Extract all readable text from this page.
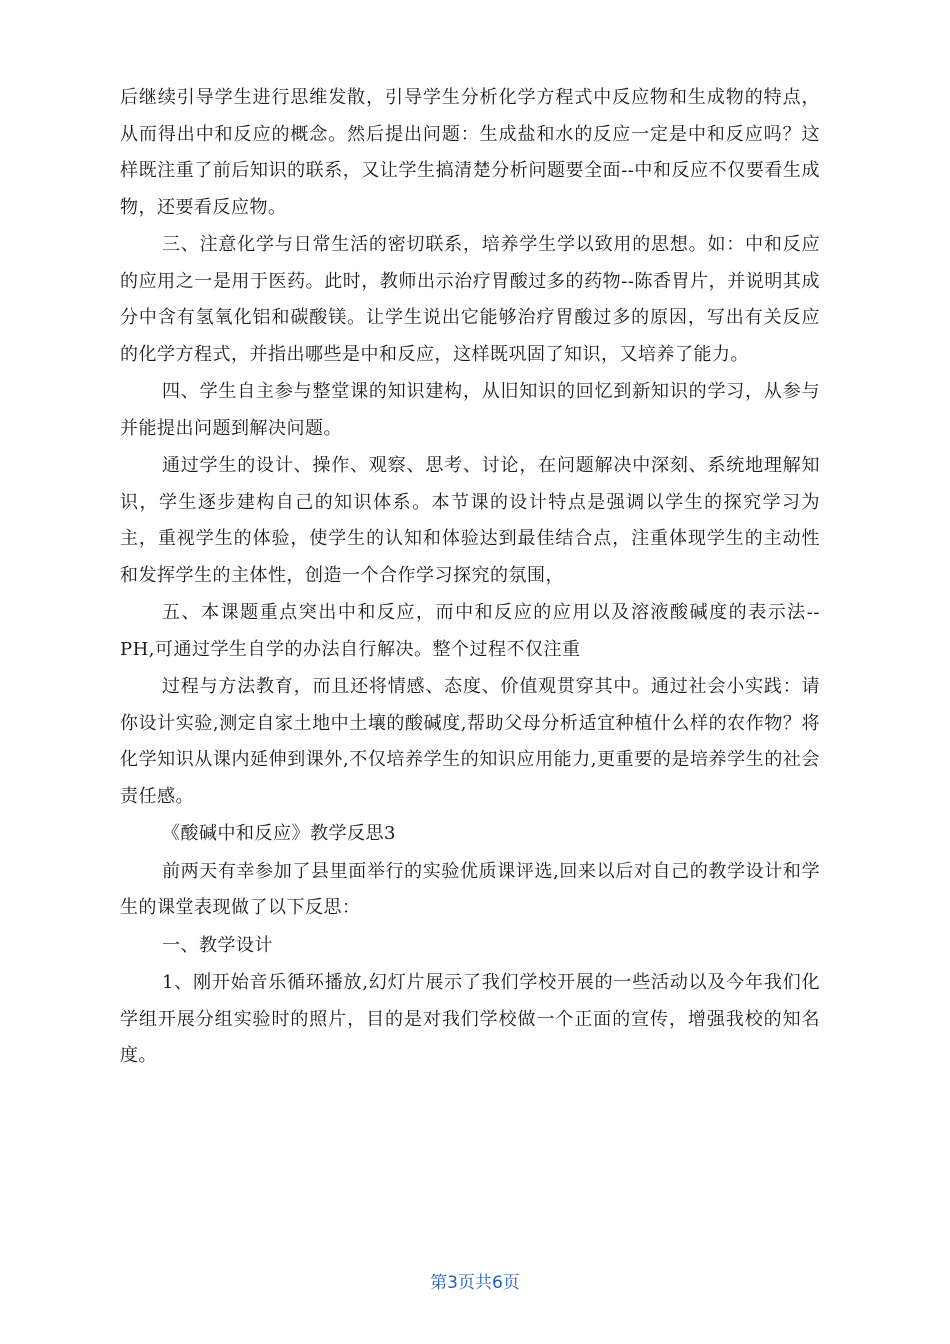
后继续引导学生进行思维发散，引导学生分析化学方程式中反应物和生成物的特点，从而得出中和反应的概念。然后提出问题：生成盐和水的反应一定是中和反应吗？这样既注重了前后知识的联系，又让学生搞清楚分析问题要全面--中和反应不仅要看生成物，还要看反应物。

三、注意化学与日常生活的密切联系，培养学生学以致用的思想。如：中和反应的应用之一是用于医药。此时，教师出示治疗胃酸过多的药物--陈香胃片，并说明其成分中含有氢氧化铝和碳酸镁。让学生说出它能够治疗胃酸过多的原因，写出有关反应的化学方程式，并指出哪些是中和反应，这样既巩固了知识，又培养了能力。

四、学生自主参与整堂课的知识建构，从旧知识的回忆到新知识的学习，从参与并能提出问题到解决问题。

通过学生的设计、操作、观察、思考、讨论，在问题解决中深刻、系统地理解知识，学生逐步建构自己的知识体系。本节课的设计特点是强调以学生的探究学习为主，重视学生的体验，使学生的认知和体验达到最佳结合点，注重体现学生的主动性和发挥学生的主体性，创造一个合作学习探究的氛围，

五、本课题重点突出中和反应，而中和反应的应用以及溶液酸碱度的表示法--PH,可通过学生自学的办法自行解决。整个过程不仅注重

过程与方法教育，而且还将情感、态度、价值观贯穿其中。通过社会小实践：请你设计实验,测定自家土地中土壤的酸碱度,帮助父母分析适宜种植什么样的农作物？将化学知识从课内延伸到课外,不仅培养学生的知识应用能力,更重要的是培养学生的社会责任感。

《酸碱中和反应》教学反思3

前两天有幸参加了县里面举行的实验优质课评选,回来以后对自己的教学设计和学生的课堂表现做了以下反思：

一、教学设计

1、刚开始音乐循环播放,幻灯片展示了我们学校开展的一些活动以及今年我们化学组开展分组实验时的照片，目的是对我们学校做一个正面的宣传，增强我校的知名度。

第3页共6页
